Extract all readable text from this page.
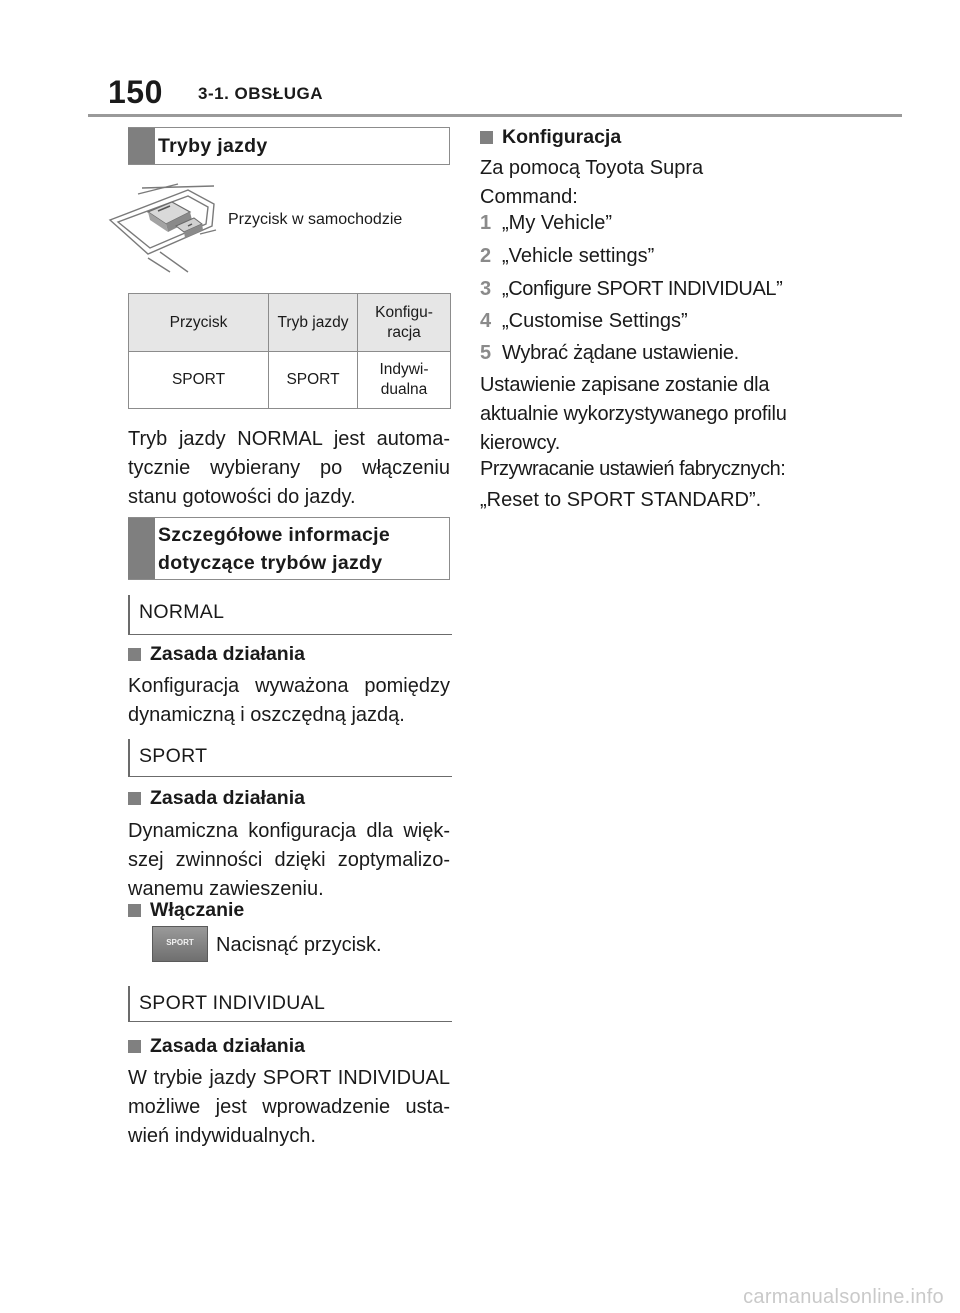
150 3-1. OBSŁUGA
Tryby jazdy
Przycisk w samochodzie
Przycisk	Tryb jazdy	Konfigu-racja
SPORT	SPORT	Indywi-dualna
Tryb jazdy NORMAL jest automa-tycznie wybierany po włączeniu stanu gotowości do jazdy.
Szczegółowe informacje
dotyczące trybów jazdy
NORMAL
Zasada działania
Konfiguracja wyważona pomiędzy dynamiczną i oszczędną jazdą.
SPORT
Zasada działania
Dynamiczna konfiguracja dla więk-szej zwinności dzięki zoptymalizo-wanemu zawieszeniu.
Włączanie
SPORT	Nacisnąć przycisk.
SPORT INDIVIDUAL
Zasada działania
W trybie jazdy SPORT INDIVIDUAL możliwe jest wprowadzenie usta-wień indywidualnych.
Konfiguracja
Za pomocą Toyota Supra Command:
1 „My Vehicle”
2 „Vehicle settings”
3 „Configure SPORT INDIVIDUAL”
4 „Customise Settings”
5 Wybrać żądane ustawienie.
Ustawienie zapisane zostanie dla aktualnie wykorzystywanego profilu kierowcy.
Przywracanie ustawień fabrycznych:
„Reset to SPORT STANDARD”.
carmanualsonline.info
